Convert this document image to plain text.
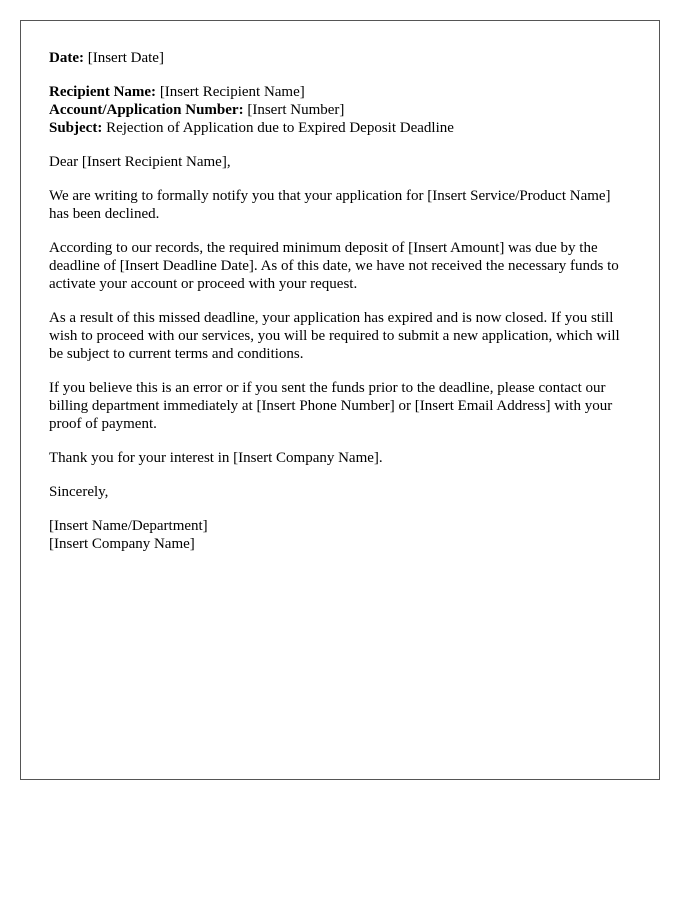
Date: [Insert Date]
Recipient Name: [Insert Recipient Name]
Account/Application Number: [Insert Number]
Subject: Rejection of Application due to Expired Deposit Deadline

Dear [Insert Recipient Name],

We are writing to formally notify you that your application for [Insert Service/Product Name] has been declined.

According to our records, the required minimum deposit of [Insert Amount] was due by the deadline of [Insert Deadline Date]. As of this date, we have not received the necessary funds to activate your account or proceed with your request.

As a result of this missed deadline, your application has expired and is now closed. If you still wish to proceed with our services, you will be required to submit a new application, which will be subject to current terms and conditions.

If you believe this is an error or if you sent the funds prior to the deadline, please contact our billing department immediately at [Insert Phone Number] or [Insert Email Address] with your proof of payment.

Thank you for your interest in [Insert Company Name].

Sincerely,

[Insert Name/Department]
[Insert Company Name]
